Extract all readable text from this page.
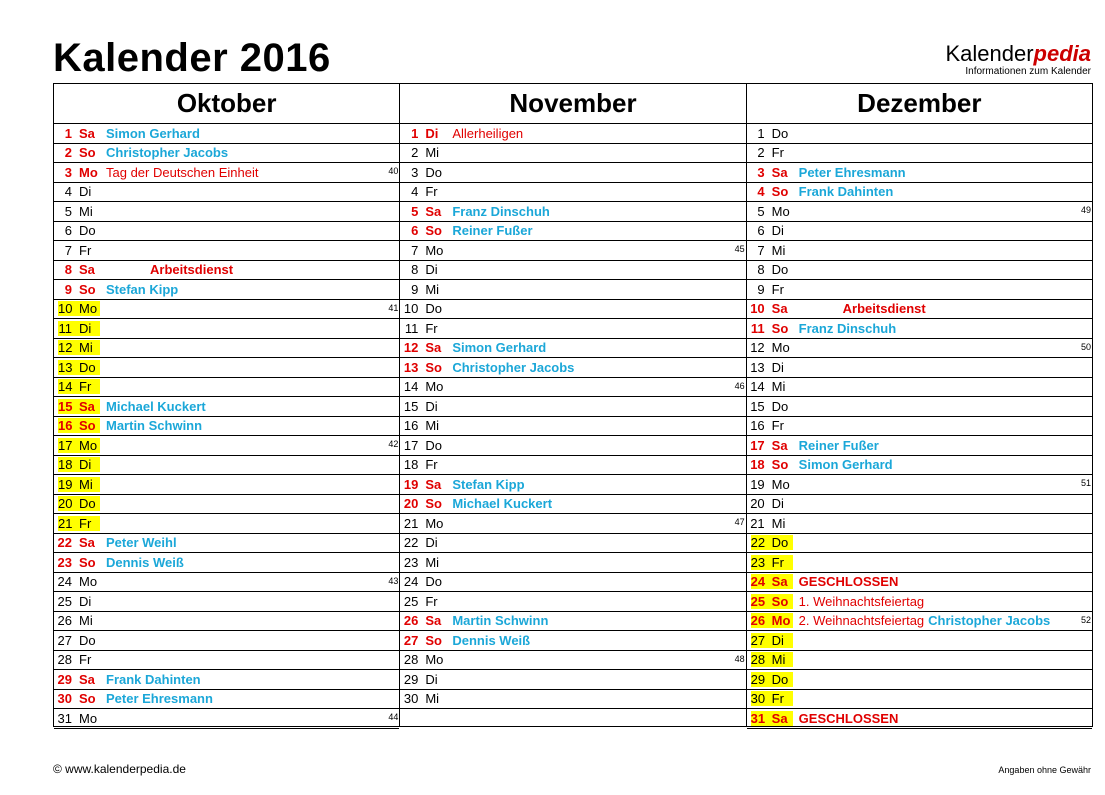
Kalender 2016	Kalenderpedia
Informationen zum Kalender
Oktober
1 Sa Simon Gerhard
2 So Christopher Jacobs
3 Mo Tag der Deutschen Einheit	40
4 Di
5 Mi
6 Do
7 Fr
8 Sa	Arbeitsdienst
9 So Stefan Kipp
10 Mo	41
11 Di
12 Mi
13 Do
14 Fr
15 Sa Michael Kuckert
16 So Martin Schwinn
17 Mo	42
18 Di
19 Mi
20 Do
21 Fr
22 Sa Peter Weihl
23 So Dennis Weiß
24 Mo	43
25 Di
26 Mi
27 Do
28 Fr
29 Sa Frank Dahinten
30 So Peter Ehresmann
31 Mo	44
November
1 Di	Allerheiligen
2 Mi
3 Do
4 Fr
5 Sa Franz Dinschuh
6 So Reiner Fußer
7 Mo	45
8 Di
9 Mi
10 Do
11 Fr
12 Sa Simon Gerhard
13 So Christopher Jacobs
14 Mo	46
15 Di
16 Mi
17 Do
18 Fr
19 Sa Stefan Kipp
20 So Michael Kuckert
21 Mo	47
22 Di
23 Mi
24 Do
25 Fr
26 Sa Martin Schwinn
27 So Dennis Weiß
28 Mo	48
29 Di
30 Mi
Dezember
1 Do
2 Fr
3 Sa Peter Ehresmann
4 So Frank Dahinten
5 Mo	49
6 Di
7 Mi
8 Do
9 Fr
10 Sa	Arbeitsdienst
11 So Franz Dinschuh
12 Mo	50
13 Di
14 Mi
15 Do
16 Fr
17 Sa Reiner Fußer
18 So Simon Gerhard
19 Mo	51
20 Di
21 Mi
22 Do
23 Fr
24 Sa GESCHLOSSEN
25 So 1. Weihnachtsfeiertag
26 Mo 2. Weihnachtsfeiertag Christopher Jacobs	52
27 Di
28 Mi
29 Do
30 Fr
31 Sa GESCHLOSSEN
© www.kalenderpedia.de	Angaben ohne Gewähr
